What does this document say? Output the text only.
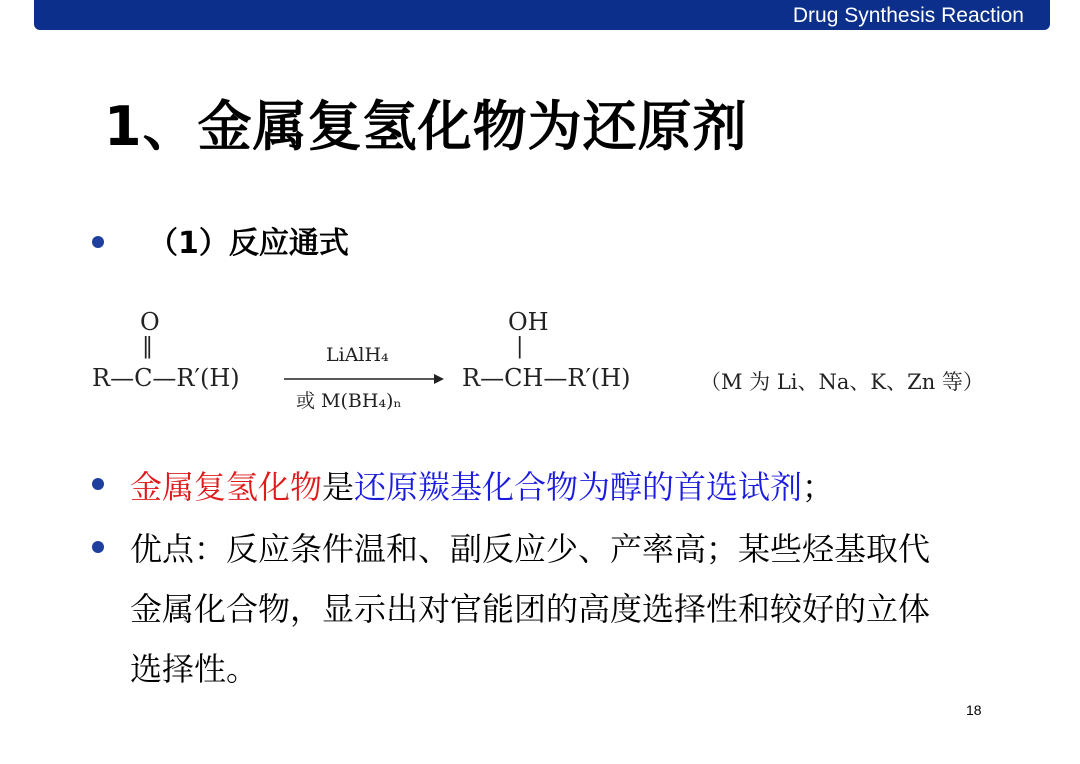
Drug Synthesis Reaction
1、金属复氢化物为还原剂
（1）反应通式
O
‖
R—C—R′(H)
LiAlH₄
或 M(BH₄)ₙ
OH
|
R—CH—R′(H)	（M 为 Li、Na、K、Zn 等）
金属复氢化物是还原羰基化合物为醇的首选试剂；
优点：反应条件温和、副反应少、产率高；某些烃基取代
金属化合物，显示出对官能团的高度选择性和较好的立体
选择性。
18
